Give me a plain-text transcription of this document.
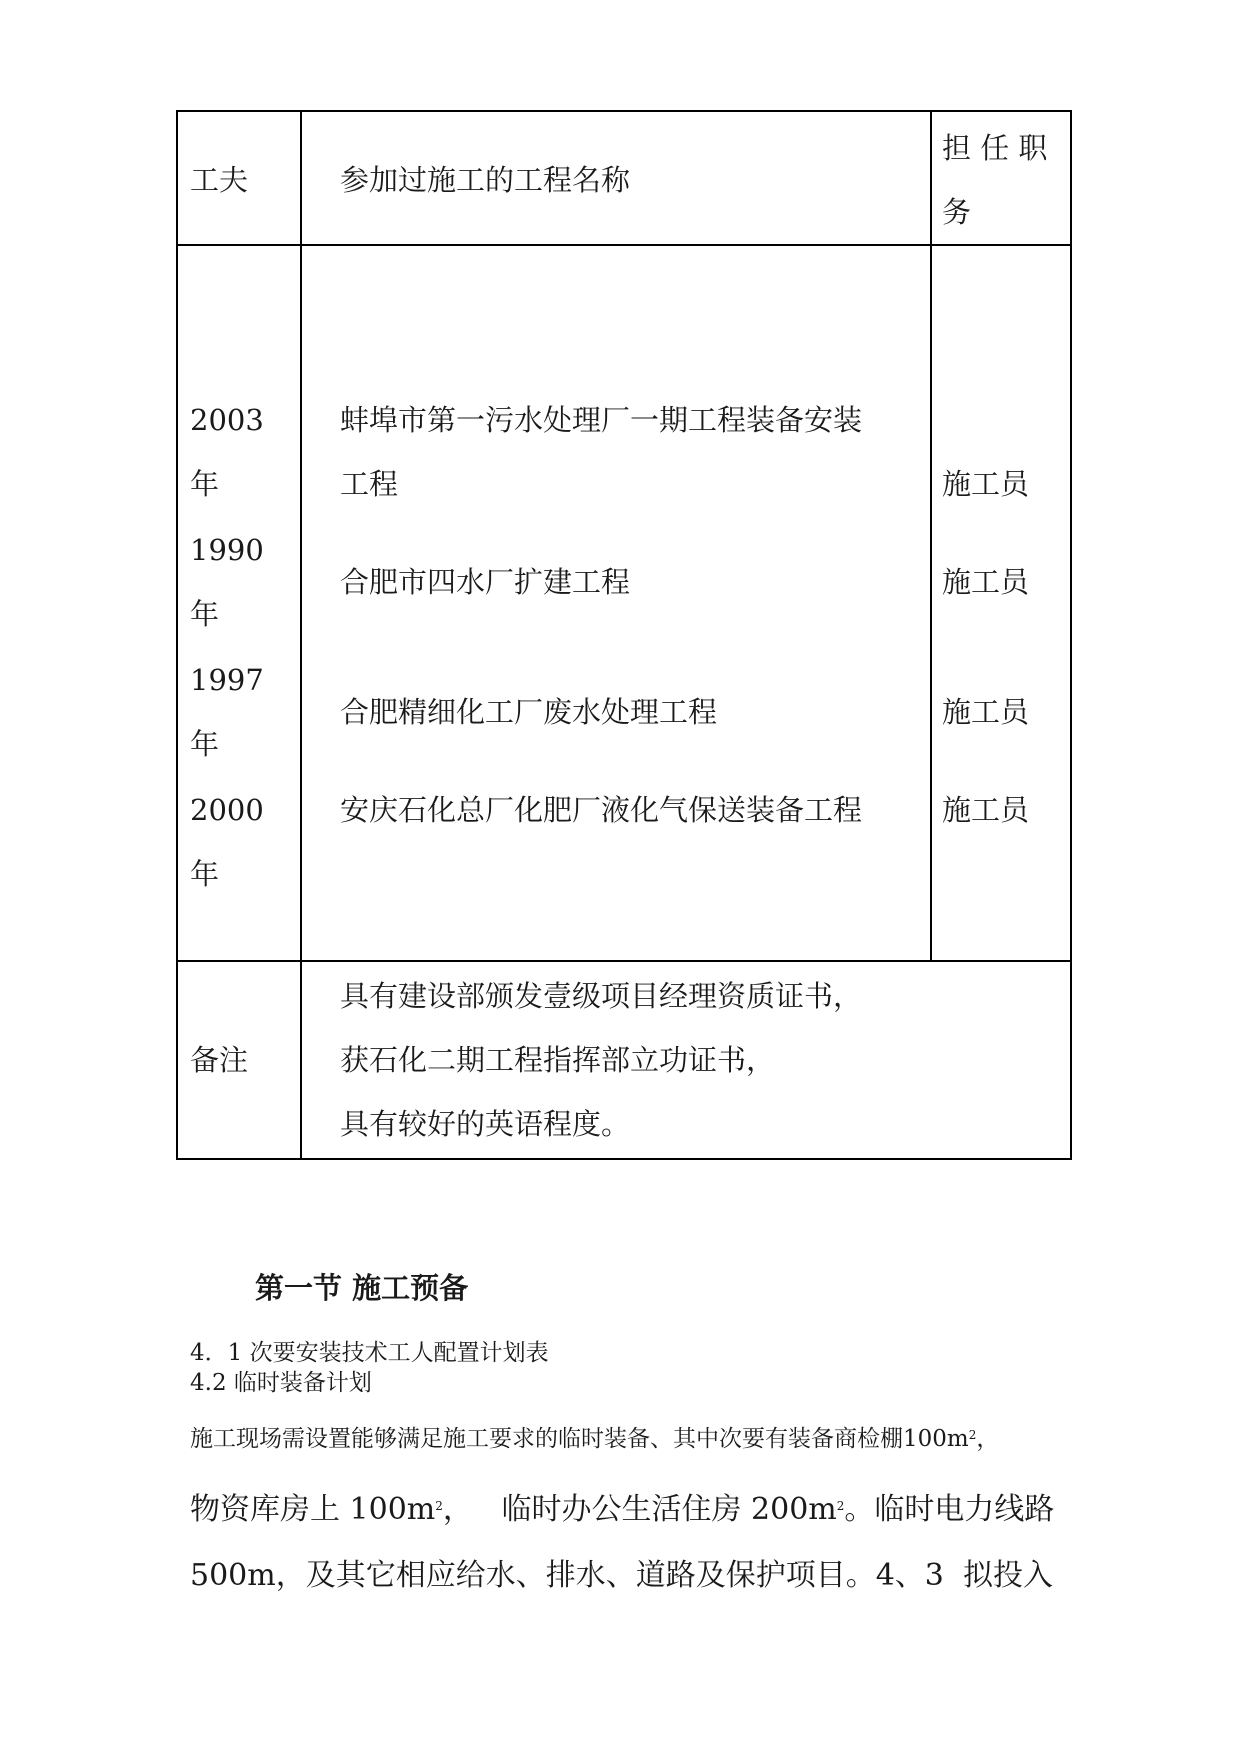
工夫	参加过施工的工程名称
担 任 职
务
2003
年
1990
年
1997
年
2000
年
蚌埠市第一污水处理厂一期工程装备安装
工程
合肥市四水厂扩建工程
合肥精细化工厂废水处理工程
安庆石化总厂化肥厂液化气保送装备工程
施工员
施工员
施工员
施工员
备注
具有建设部颁发壹级项目经理资质证书，
获石化二期工程指挥部立功证书，
具有较好的英语程度。
第一节 施工预备
4．1 次要安装技术工人配置计划表
4.2 临时装备计划
施工现场需设置能够满足施工要求的临时装备、其中次要有装备商检棚$100m^2$，
物资库房上 $100m^2$，   临时办公生活住房 $200m^2$。临时电力线路
500m，及其它相应给水、排水、道路及保护项目。4、3  拟投入
